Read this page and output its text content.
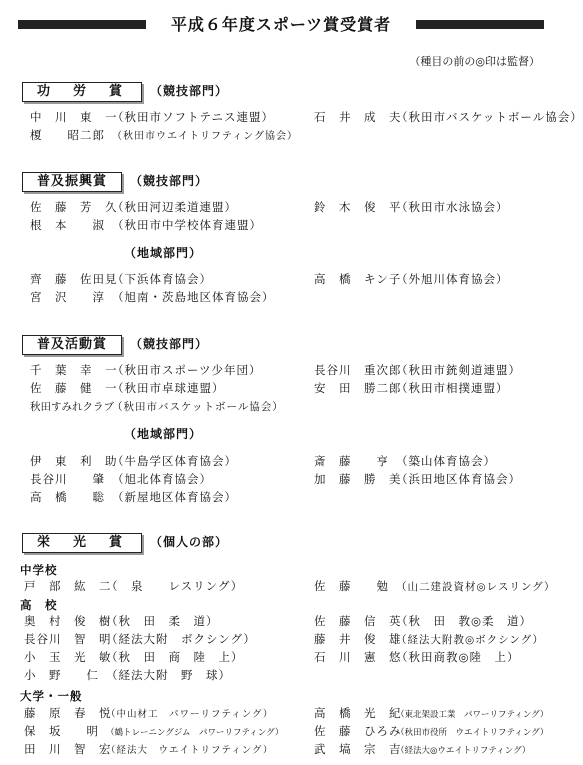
平成６年度スポーツ賞受賞者
（種目の前の◎印は監督）
功　労　賞 （競技部門）
中　川　東　一（秋田市ソフトテニス連盟）
榎　　昭二郎 （秋田市ウエイトリフティング協会）
石　井　成　夫（秋田市バスケットボール協会）
普及振興賞 （競技部門）
佐　藤　芳　久（秋田河辺柔道連盟）
根　本　　淑 （秋田市中学校体育連盟）
鈴　木　俊　平（秋田市水泳協会）
（地域部門）
齊　藤　佐田見（下浜体育協会）
宮　沢　　淳 （旭南・茨島地区体育協会）
高　橋　キン子（外旭川体育協会）
普及活動賞 （競技部門）
千　葉　幸　一（秋田市スポーツ少年団）
佐　藤　健　一（秋田市卓球連盟）
秋田すみれクラブ（秋田市バスケットボール協会）
長谷川　重次郎（秋田市銃剣道連盟）
安　田　勝二郎（秋田市相撲連盟）
（地域部門）
伊　東　利　助（牛島学区体育協会）
長谷川　　肇 （旭北体育協会）
高　橋　　聡 （新屋地区体育協会）
斎　藤　　亨 （築山体育協会）
加　藤　勝　美（浜田地区体育協会）
栄　光　賞 （個人の部）
中学校
戸　部　紘　二（　泉　　レスリング）	佐　藤　　勉 （山二建設資材◎レスリング）
高　校
奥　村　俊　樹（秋　田　柔　道）
長谷川　智　明（経法大附　ボクシング）
小　玉　光　敏（秋　田　商　陸　上）
小　野　　仁 （経法大附　野　球）
佐　藤　信　英（秋　田　教◎柔　道）
藤　井　俊　雄（経法大附教◎ボクシング）
石　川　憲　悠（秋田商教◎陸　上）
大学・一般
藤　原　春　悦（中山材工　パワーリフティング）
保　坂　　明 （鶴トレーニングジム　パワーリフティング）
田　川　智　宏（経法大　ウエイトリフティング）
高　橋　光　紀（東北架設工業　パワーリフティング）
佐　藤　ひろみ（秋田市役所　ウエイトリフティング）
武　塙　宗　吉（経法大◎ウエイトリフティング）
